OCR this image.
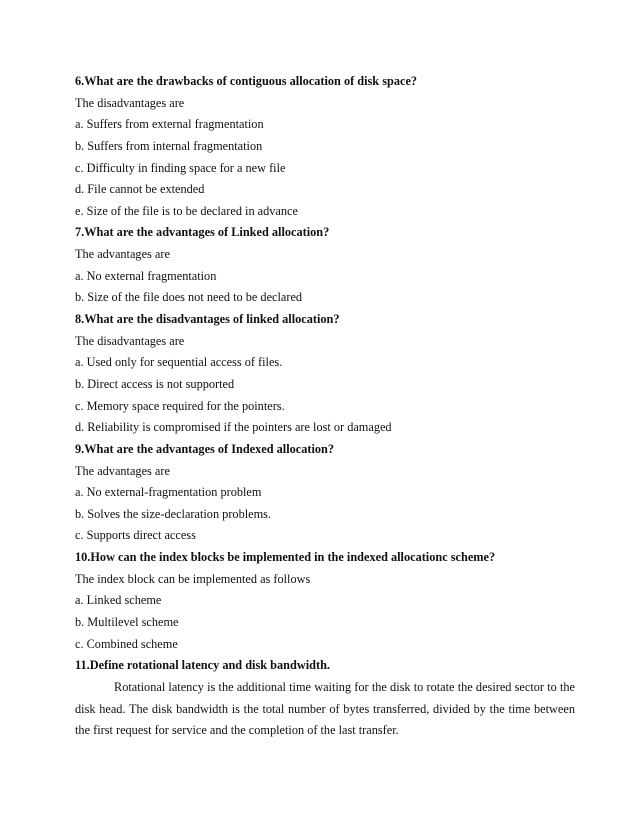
6.What are the drawbacks of contiguous allocation of disk space?
The disadvantages are
a. Suffers from external fragmentation
b. Suffers from internal fragmentation
c. Difficulty in finding space for a new file
d. File cannot be extended
e. Size of the file is to be declared in advance
7.What are the advantages of Linked allocation?
The advantages are
a. No external fragmentation
b. Size of the file does not need to be declared
8.What are the disadvantages of linked allocation?
The disadvantages are
a. Used only for sequential access of files.
b. Direct access is not supported
c. Memory space required for the pointers.
d. Reliability is compromised if the pointers are lost or damaged
9.What are the advantages of Indexed allocation?
The advantages are
a. No external-fragmentation problem
b. Solves the size-declaration problems.
c. Supports direct access
10.How can the index blocks be implemented in the indexed allocationc scheme?
The index block can be implemented as follows
a. Linked scheme
b. Multilevel scheme
c. Combined scheme
11.Define rotational latency and disk bandwidth.

Rotational latency is the additional time waiting for the disk to rotate the desired sector to the disk head. The disk bandwidth is the total number of bytes transferred, divided by the time between the first request for service and the completion of the last transfer.
